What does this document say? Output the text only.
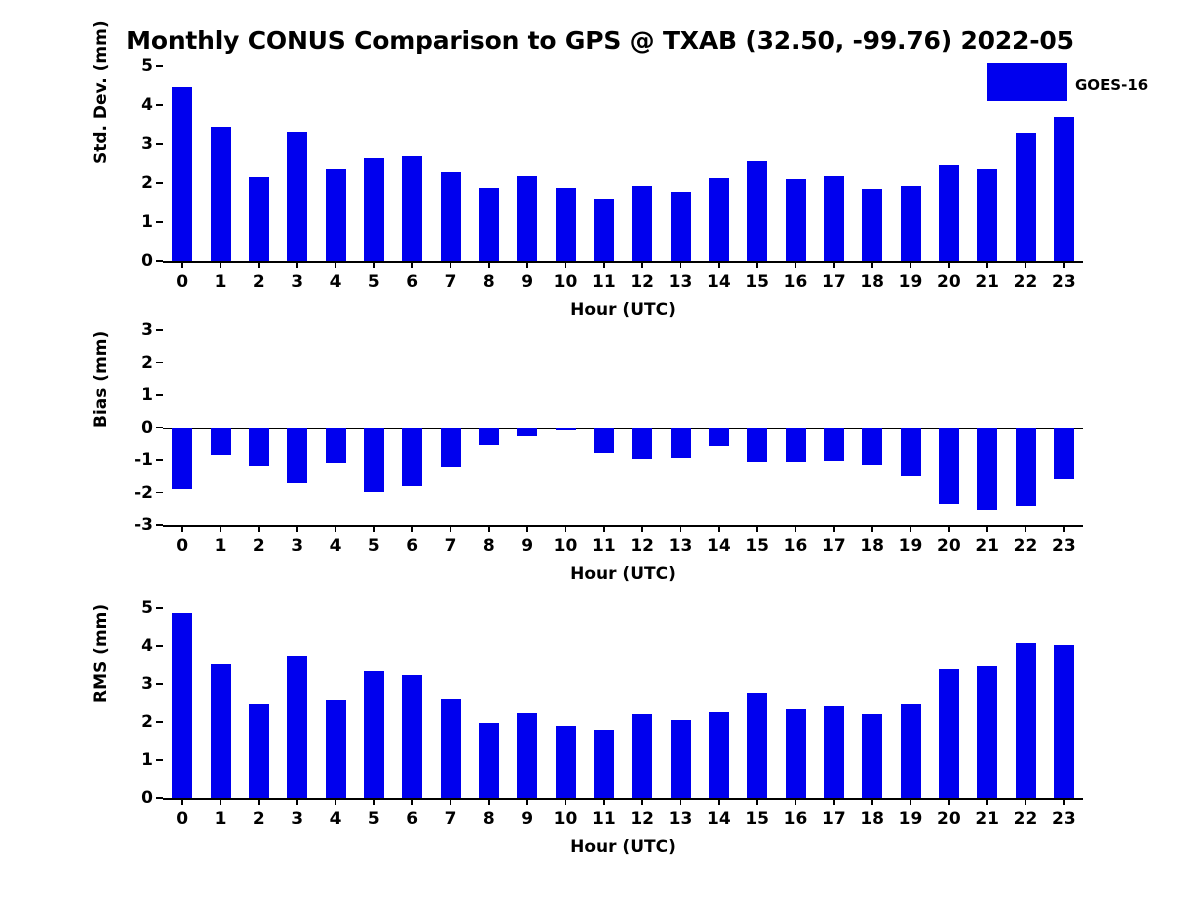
Monthly CONUS Comparison to GPS @ TXAB (32.50, -99.76) 2022-05
0
1
2
3
4
5
0 1 2 3 4 5 6 7 8 9 10 11 12 13 14 15 16 17 18 19 20 21 22 23
Hour (UTC)
Std. Dev. (mm)	GOES-16
-3
-2
-1
0
1
2
3
0 1 2 3 4 5 6 7 8 9 10 11 12 13 14 15 16 17 18 19 20 21 22 23
Hour (UTC)
Bias (mm)
0
1
2
3
4
5
0 1 2 3 4 5 6 7 8 9 10 11 12 13 14 15 16 17 18 19 20 21 22 23
Hour (UTC)
RMS (mm)
